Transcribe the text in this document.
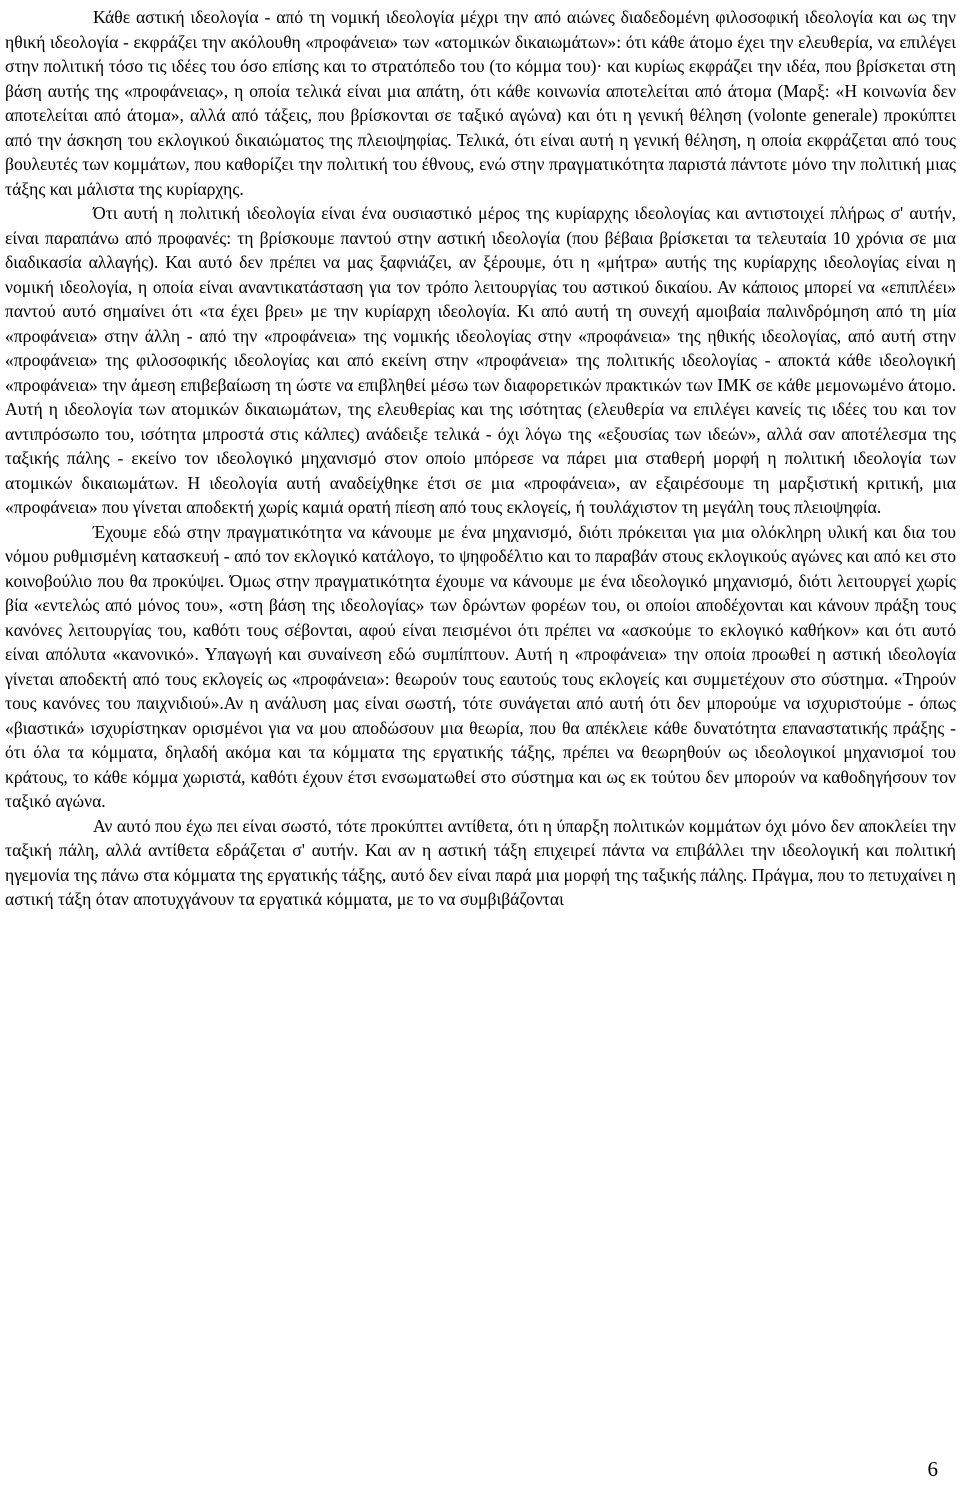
Κάθε αστική ιδεολογία - από τη νομική ιδεολογία μέχρι την από αιώνες διαδεδομένη φιλοσοφική ιδεολογία και ως την ηθική ιδεολογία - εκφράζει την ακόλουθη «προφάνεια» των «ατομικών δικαιωμάτων»: ότι κάθε άτομο έχει την ελευθερία, να επιλέγει στην πολιτική τόσο τις ιδέες του όσο επίσης και το στρατόπεδο του (το κόμμα του)· και κυρίως εκφράζει την ιδέα, που βρίσκεται στη βάση αυτής της «προφάνειας», η οποία τελικά είναι μια απάτη, ότι κάθε κοινωνία αποτελείται από άτομα (Μαρξ: «Η κοινωνία δεν αποτελείται από άτομα», αλλά από τάξεις, που βρίσκονται σε ταξικό αγώνα) και ότι η γενική θέληση (volonte generale) προκύπτει από την άσκηση του εκλογικού δικαιώματος της πλειοψηφίας. Τελικά, ότι είναι αυτή η γενική θέληση, η οποία εκφράζεται από τους βουλευτές των κομμάτων, που καθορίζει την πολιτική του έθνους, ενώ στην πραγματικότητα παριστά πάντοτε μόνο την πολιτική μιας τάξης και μάλιστα της κυρίαρχης.

Ότι αυτή η πολιτική ιδεολογία είναι ένα ουσιαστικό μέρος της κυρίαρχης ιδεολογίας και αντιστοιχεί πλήρως σ' αυτήν, είναι παραπάνω από προφανές: τη βρίσκουμε παντού στην αστική ιδεολογία (που βέβαια βρίσκεται τα τελευταία 10 χρόνια σε μια διαδικασία αλλαγής). Και αυτό δεν πρέπει να μας ξαφνιάζει, αν ξέρουμε, ότι η «μήτρα» αυτής της κυρίαρχης ιδεολογίας είναι η νομική ιδεολογία, η οποία είναι αναντικατάσταση για τον τρόπο λειτουργίας του αστικού δικαίου. Αν κάποιος μπορεί να «επιπλέει» παντού αυτό σημαίνει ότι «τα έχει βρει» με την κυρίαρχη ιδεολογία. Κι από αυτή τη συνεχή αμοιβαία παλινδρόμηση από τη μία «προφάνεια» στην άλλη - από την «προφάνεια» της νομικής ιδεολογίας στην «προφάνεια» της ηθικής ιδεολογίας, από αυτή στην «προφάνεια» της φιλοσοφικής ιδεολογίας και από εκείνη στην «προφάνεια» της πολιτικής ιδεολογίας - αποκτά κάθε ιδεολογική «προφάνεια» την άμεση επιβεβαίωση τη ώστε να επιβληθεί μέσω των διαφορετικών πρακτικών των ΙΜΚ σε κάθε μεμονωμένο άτομο. Αυτή η ιδεολογία των ατομικών δικαιωμάτων, της ελευθερίας και της ισότητας (ελευθερία να επιλέγει κανείς τις ιδέες του και τον αντιπρόσωπο του, ισότητα μπροστά στις κάλπες) ανάδειξε τελικά - όχι λόγω της «εξουσίας των ιδεών», αλλά σαν αποτέλεσμα της ταξικής πάλης - εκείνο τον ιδεολογικό μηχανισμό στον οποίο μπόρεσε να πάρει μια σταθερή μορφή η πολιτική ιδεολογία των ατομικών δικαιωμάτων. Η ιδεολογία αυτή αναδείχθηκε έτσι σε μια «προφάνεια», αν εξαιρέσουμε τη μαρξιστική κριτική, μια «προφάνεια» που γίνεται αποδεκτή χωρίς καμιά ορατή πίεση από τους εκλογείς, ή τουλάχιστον τη μεγάλη τους πλειοψηφία.

Έχουμε εδώ στην πραγματικότητα να κάνουμε με ένα μηχανισμό, διότι πρόκειται για μια ολόκληρη υλική και δια του νόμου ρυθμισμένη κατασκευή - από τον εκλογικό κατάλογο, το ψηφοδέλτιο και το παραβάν στους εκλογικούς αγώνες και από κει στο κοινοβούλιο που θα προκύψει. Όμως στην πραγματικότητα έχουμε να κάνουμε με ένα ιδεολογικό μηχανισμό, διότι λειτουργεί χωρίς βία «εντελώς από μόνος του», «στη βάση της ιδεολογίας» των δρώντων φορέων του, οι οποίοι αποδέχονται και κάνουν πράξη τους κανόνες λειτουργίας του, καθότι τους σέβονται, αφού είναι πεισμένοι ότι πρέπει να «ασκούμε το εκλογικό καθήκον» και ότι αυτό είναι απόλυτα «κανονικό». Υπαγωγή και συναίνεση εδώ συμπίπτουν. Αυτή η «προφάνεια» την οποία προωθεί η αστική ιδεολογία γίνεται αποδεκτή από τους εκλογείς ως «προφάνεια»: θεωρούν τους εαυτούς τους εκλογείς και συμμετέχουν στο σύστημα. «Τηρούν τους κανόνες του παιχνιδιού».Αν η ανάλυση μας είναι σωστή, τότε συνάγεται από αυτή ότι δεν μπορούμε να ισχυριστούμε - όπως «βιαστικά» ισχυρίστηκαν ορισμένοι για να μου αποδώσουν μια θεωρία, που θα απέκλειε κάθε δυνατότητα επαναστατικής πράξης - ότι όλα τα κόμματα, δηλαδή ακόμα και τα κόμματα της εργατικής τάξης, πρέπει να θεωρηθούν ως ιδεολογικοί μηχανισμοί του κράτους, το κάθε κόμμα χωριστά, καθότι έχουν έτσι ενσωματωθεί στο σύστημα και ως εκ τούτου δεν μπορούν να καθοδηγήσουν τον ταξικό αγώνα.

Αν αυτό που έχω πει είναι σωστό, τότε προκύπτει αντίθετα, ότι η ύπαρξη πολιτικών κομμάτων όχι μόνο δεν αποκλείει την ταξική πάλη, αλλά αντίθετα εδράζεται σ' αυτήν. Και αν η αστική τάξη επιχειρεί πάντα να επιβάλλει την ιδεολογική και πολιτική ηγεμονία της πάνω στα κόμματα της εργατικής τάξης, αυτό δεν είναι παρά μια μορφή της ταξικής πάλης. Πράγμα, που το πετυχαίνει η αστική τάξη όταν αποτυχγάνουν τα εργατικά κόμματα, με το να συμβιβάζονται

6
